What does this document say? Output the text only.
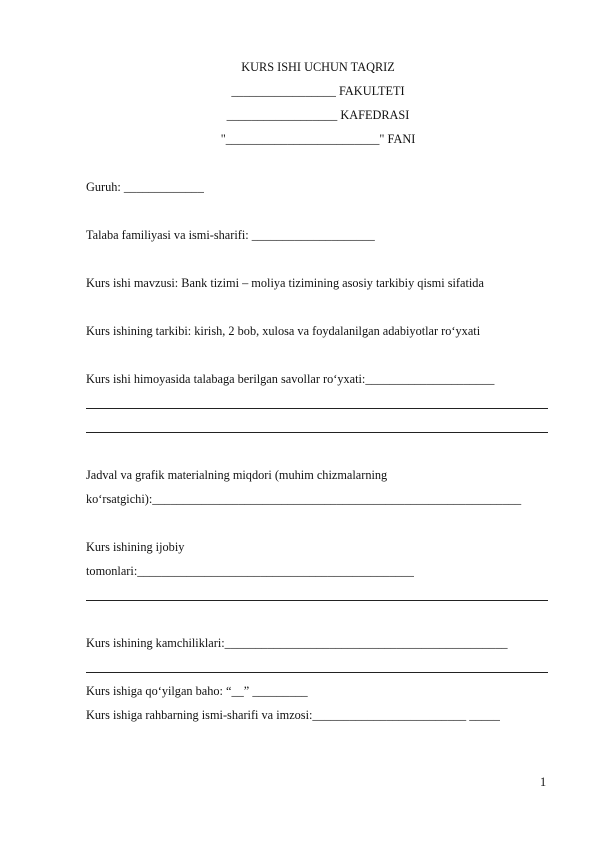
KURS ISHI UCHUN TAQRIZ
_________________ FAKULTETI
__________________ KAFEDRASI
"_________________________" FANI
Guruh: _____________
Talaba familiyasi va ismi-sharifi: ____________________
Kurs ishi mavzusi: Bank tizimi – moliya tizimining asosiy tarkibiy qismi sifatida
Kurs ishining tarkibi: kirish, 2 bob, xulosa va foydalanilgan adabiyotlar ro‘yxati
Kurs ishi himoyasida talabaga berilgan savollar ro‘yxati:_____________________
Jadval va grafik materialning miqdori (muhim chizmalarning
ko‘rsatgichi):____________________________________________________________
Kurs ishining ijobiy
tomonlari:_____________________________________________
Kurs ishining kamchiliklari:______________________________________________
Kurs ishiga qo‘yilgan baho: “__” _________
Kurs ishiga rahbarning ismi-sharifi va imzosi:_________________________ _____
1
